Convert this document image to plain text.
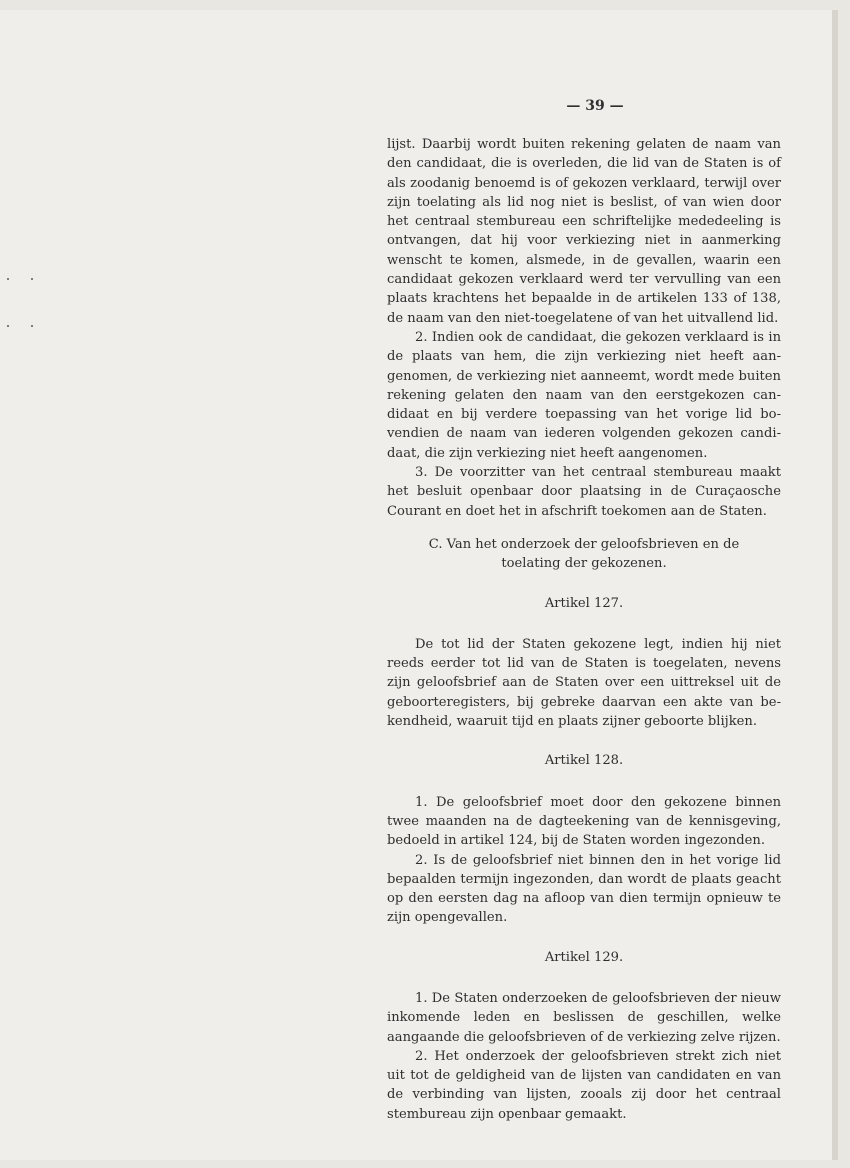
— 39 —

lijst. Daarbij wordt buiten rekening gelaten de naam van den candidaat, die is overleden, die lid van de Staten is of als zoodanig benoemd is of gekozen verklaard, terwijl over zijn toelating als lid nog niet is beslist, of van wien door het centraal stembureau een schriftelijke mededeeling is ontvangen, dat hij voor verkiezing niet in aanmerking wenscht te komen, alsmede, in de gevallen, waarin een candidaat gekozen verklaard werd ter vervulling van een plaats krachtens het bepaalde in de artikelen 133 of 138, de naam van den niet-toegelatene of van het uitvallend lid.

2. Indien ook de candidaat, die gekozen verklaard is in de plaats van hem, die zijn verkiezing niet heeft aangenomen, de verkiezing niet aanneemt, wordt mede buiten rekening gelaten den naam van den eerstgekozen candidaat en bij verdere toepassing van het vorige lid bovendien de naam van iederen volgenden gekozen candidaat, die zijn verkiezing niet heeft aangenomen.

3. De voorzitter van het centraal stembureau maakt het besluit openbaar door plaatsing in de Curaçaosche Courant en doet het in afschrift toekomen aan de Staten.

C. Van het onderzoek der geloofsbrieven en de toelating der gekozenen.

Artikel 127.

De tot lid der Staten gekozene legt, indien hij niet reeds eerder tot lid van de Staten is toegelaten, nevens zijn geloofsbrief aan de Staten over een uittreksel uit de geboorteregisters, bij gebreke daarvan een akte van bekendheid, waaruit tijd en plaats zijner geboorte blijken.

Artikel 128.

1. De geloofsbrief moet door den gekozene binnen twee maanden na de dagteekening van de kennisgeving, bedoeld in artikel 124, bij de Staten worden ingezonden.

2. Is de geloofsbrief niet binnen den in het vorige lid bepaalden termijn ingezonden, dan wordt de plaats geacht op den eersten dag na afloop van dien termijn opnieuw te zijn opengevallen.

Artikel 129.

1. De Staten onderzoeken de geloofsbrieven der nieuw inkomende leden en beslissen de geschillen, welke aangaande die geloofsbrieven of de verkiezing zelve rijzen.

2. Het onderzoek der geloofsbrieven strekt zich niet uit tot de geldigheid van de lijsten van candidaten en van de verbinding van lijsten, zooals zij door het centraal stembureau zijn openbaar gemaakt.
